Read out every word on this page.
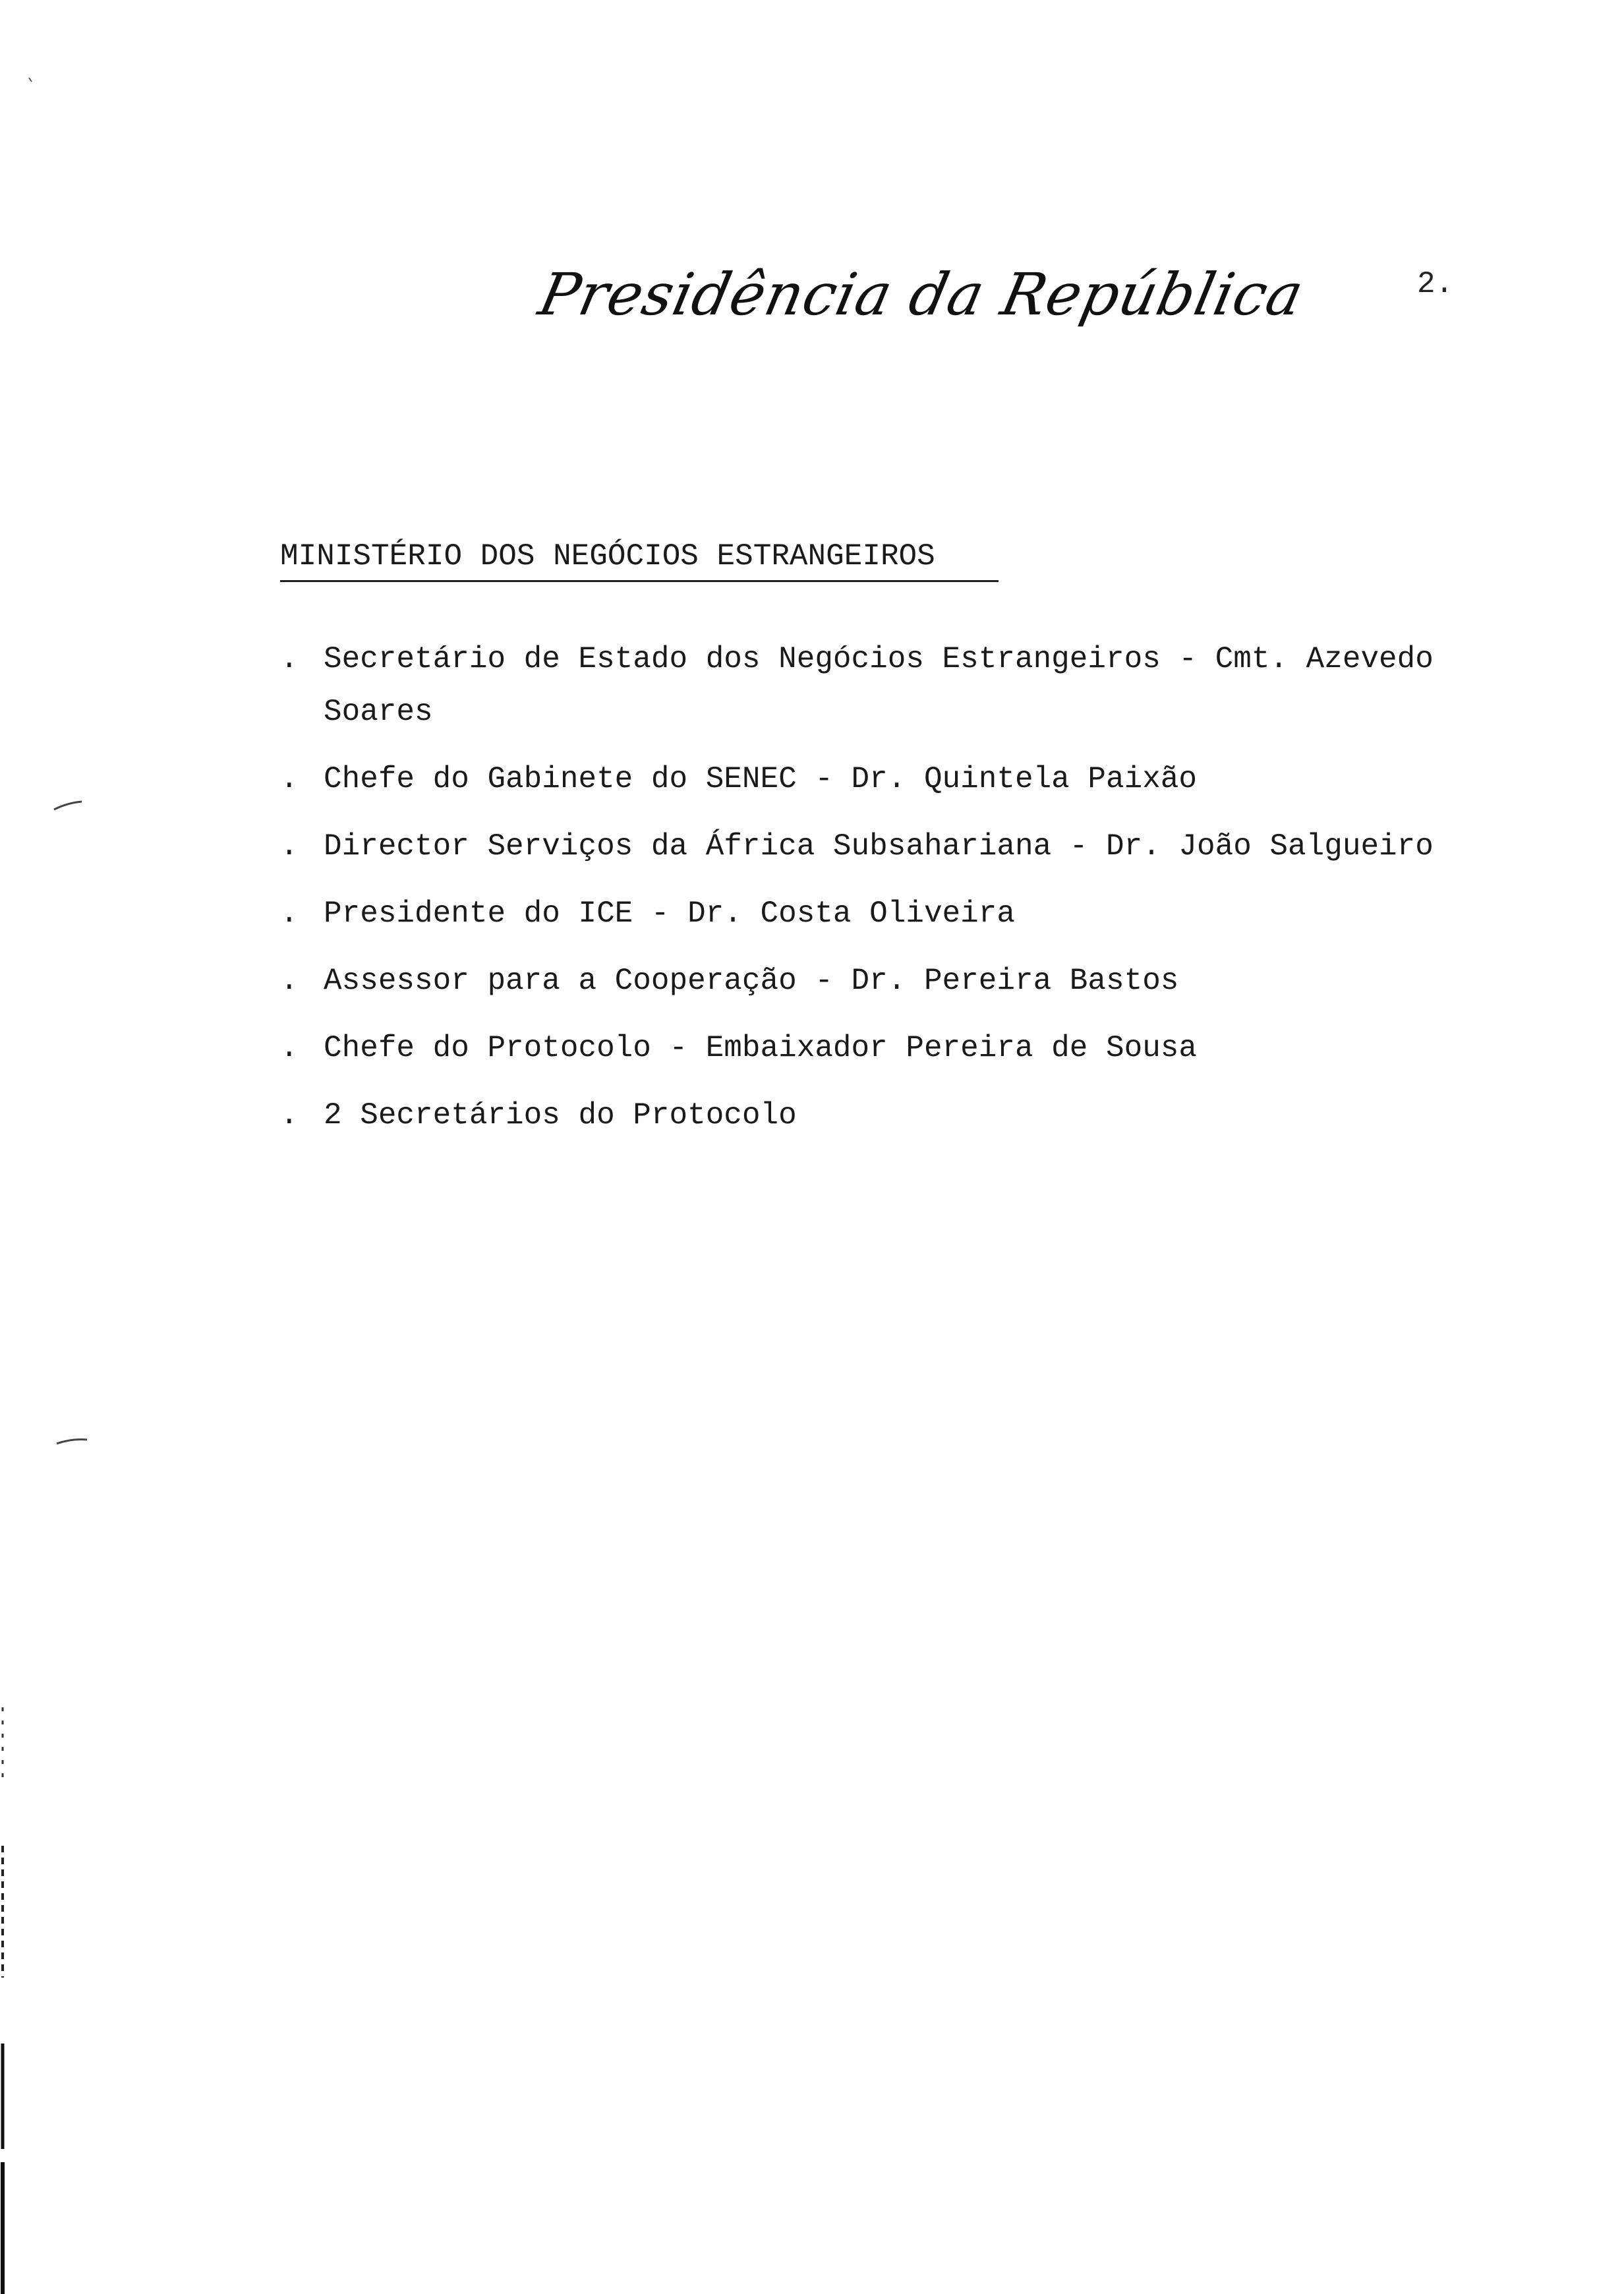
Presidência da República	2.
MINISTÉRIO DOS NEGÓCIOS ESTRANGEIROS
. Secretário de Estado dos Negócios Estrangeiros - Cmt. Azevedo Soares
. Chefe do Gabinete do SENEC - Dr. Quintela Paixão
. Director Serviços da África Subsahariana - Dr. João Salgueiro
. Presidente do ICE - Dr. Costa Oliveira
. Assessor para a Cooperação - Dr. Pereira Bastos
. Chefe do Protocolo - Embaixador Pereira de Sousa
. 2 Secretários do Protocolo
